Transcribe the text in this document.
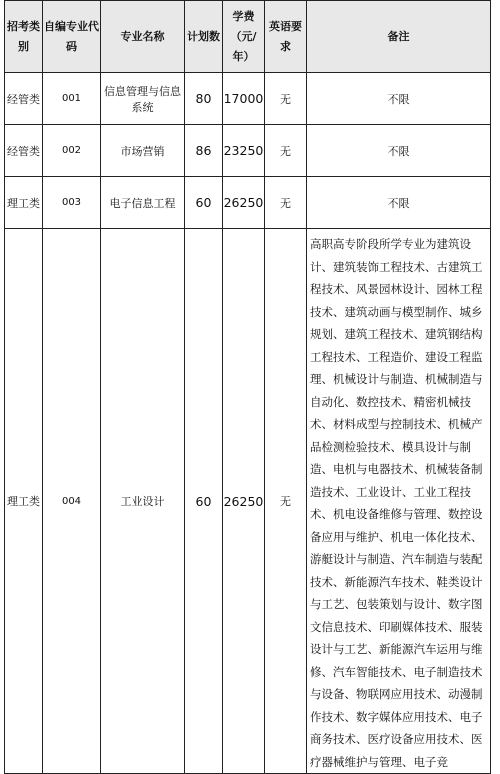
招考类别	自编专业代码	专业名称	计划数	学费（元/年）	英语要求	备注
经管类	001	信息管理与信息系统	80	17000	无	不限
经管类	002	市场营销	86	23250	无	不限
理工类	003	电子信息工程	60	26250	无	不限
理工类	004	工业设计	60	26250	无	高职高专阶段所学专业为建筑设计、建筑装饰工程技术、古建筑工程技术、风景园林设计、园林工程技术、建筑动画与模型制作、城乡规划、建筑工程技术、建筑钢结构工程技术、工程造价、建设工程监理、机械设计与制造、机械制造与自动化、数控技术、精密机械技术、材料成型与控制技术、机械产品检测检验技术、模具设计与制造、电机与电器技术、机械装备制造技术、工业设计、工业工程技术、机电设备维修与管理、数控设备应用与维护、机电一体化技术、游艇设计与制造、汽车制造与装配技术、新能源汽车技术、鞋类设计与工艺、包装策划与设计、数字图文信息技术、印刷媒体技术、服装设计与工艺、新能源汽车运用与维修、汽车智能技术、电子制造技术与设备、物联网应用技术、动漫制作技术、数字媒体应用技术、电子商务技术、医疗设备应用技术、医疗器械维护与管理、电子竞
